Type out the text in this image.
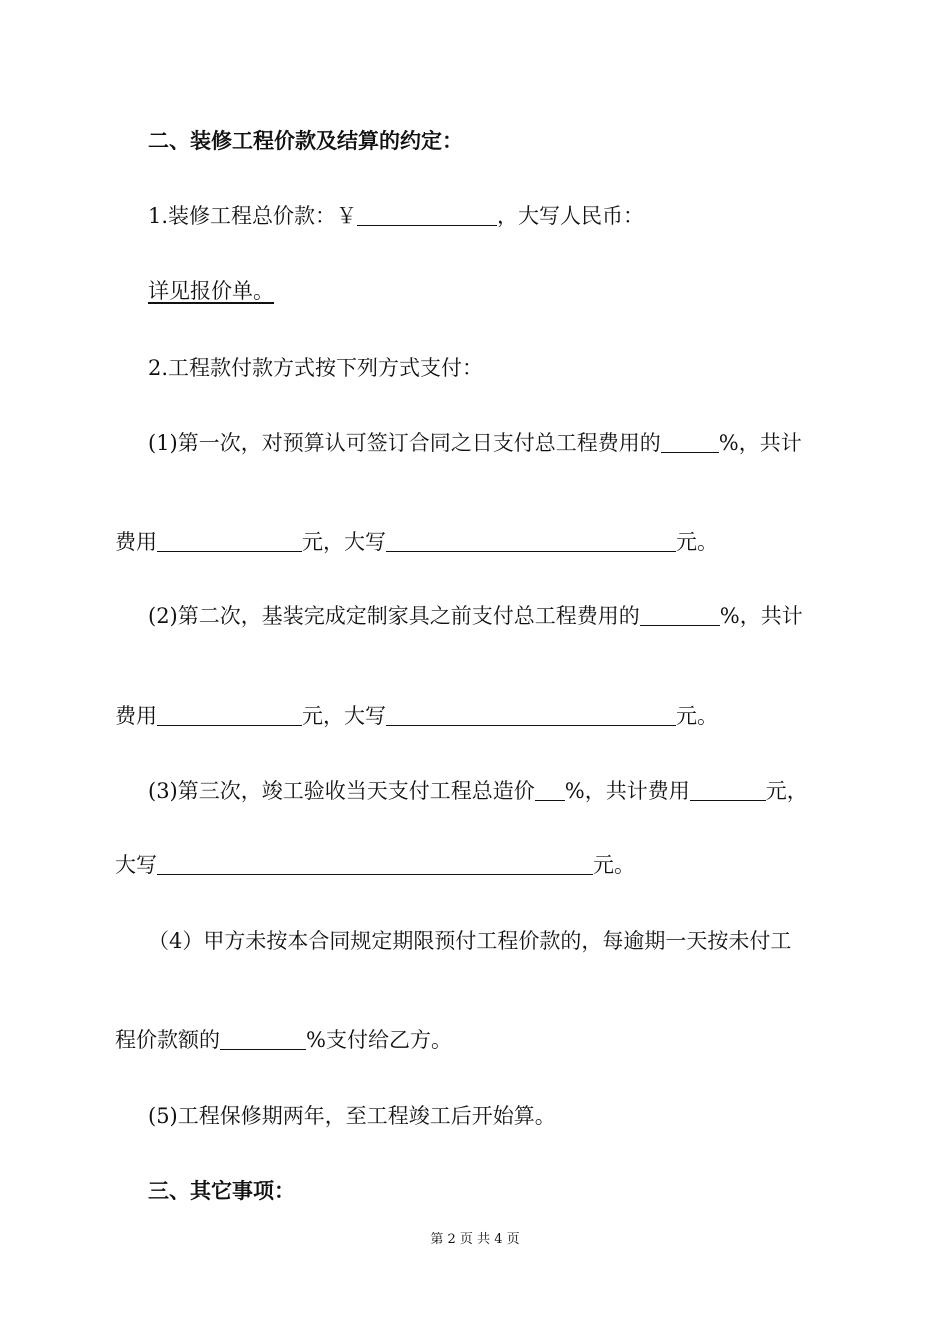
二、装修工程价款及结算的约定：
1.装修工程总价款：￥	，大写人民币：
详见报价单。
2.工程款付款方式按下列方式支付：
(1)第一次，对预算认可签订合同之日支付总工程费用的	%，共计
费用	元，大写	元。
(2)第二次，基装完成定制家具之前支付总工程费用的	%，共计
费用	元，大写	元。
(3)第三次，竣工验收当天支付工程总造价 %，共计费用	元，
大写	元。
（4）甲方未按本合同规定期限预付工程价款的，每逾期一天按未付工
程价款额的	%支付给乙方。
(5)工程保修期两年，至工程竣工后开始算。
三、其它事项：
第 2 页 共 4 页
